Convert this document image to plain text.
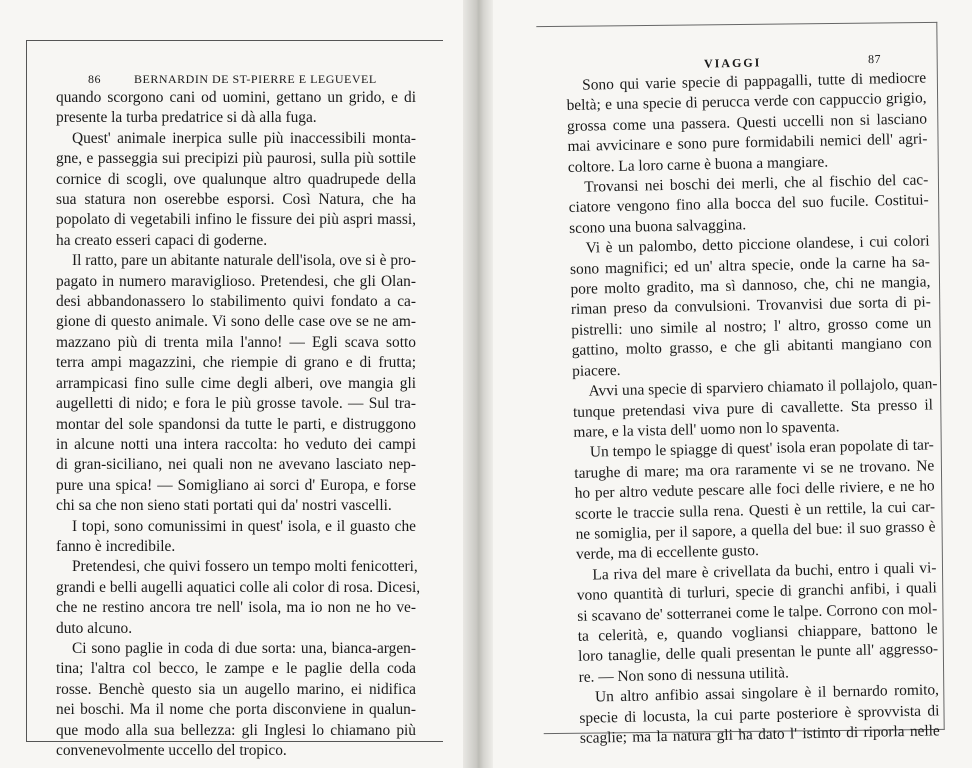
86	BERNARDIN DE ST-PIERRE E LEGUEVEL
VIAGGI	87
quando scorgono cani od uomini, gettano un grido, e di
presente la turba predatrice si dà alla fuga.
Quest' animale inerpica sulle più inaccessibili monta-
gne, e passeggia sui precipizi più paurosi, sulla più sottile
cornice di scogli, ove qualunque altro quadrupede della
sua statura non oserebbe esporsi. Così Natura, che ha
popolato di vegetabili infino le fissure dei più aspri massi,
ha creato esseri capaci di goderne.
Il ratto, pare un abitante naturale dell'isola, ove si è pro-
pagato in numero maraviglioso. Pretendesi, che gli Olan-
desi abbandonassero lo stabilimento quivi fondato a ca-
gione di questo animale. Vi sono delle case ove se ne am-
mazzano più di trenta mila l'anno! — Egli scava sotto
terra ampi magazzini, che riempie di grano e di frutta;
arrampicasi fino sulle cime degli alberi, ove mangia gli
augelletti di nido; e fora le più grosse tavole. — Sul tra-
montar del sole spandonsi da tutte le parti, e distruggono
in alcune notti una intera raccolta: ho veduto dei campi
di gran-siciliano, nei quali non ne avevano lasciato nep-
pure una spica! — Somigliano ai sorci d' Europa, e forse
chi sa che non sieno stati portati qui da' nostri vascelli.
I topi, sono comunissimi in quest' isola, e il guasto che
fanno è incredibile.
Pretendesi, che quivi fossero un tempo molti fenicotteri,
grandi e belli augelli aquatici colle ali color di rosa. Dicesi,
che ne restino ancora tre nell' isola, ma io non ne ho ve-
duto alcuno.
Ci sono paglie in coda di due sorta: una, bianca-argen-
tina; l'altra col becco, le zampe e le paglie della coda
rosse. Benchè questo sia un augello marino, ei nidifica
nei boschi. Ma il nome che porta disconviene in qualun-
que modo alla sua bellezza: gli Inglesi lo chiamano più
convenevolmente uccello del tropico.
Sono qui varie specie di pappagalli, tutte di mediocre
beltà; e una specie di perucca verde con cappuccio grigio,
grossa come una passera. Questi uccelli non si lasciano
mai avvicinare e sono pure formidabili nemici dell' agri-
coltore. La loro carne è buona a mangiare.
Trovansi nei boschi dei merli, che al fischio del cac-
ciatore vengono fino alla bocca del suo fucile. Costitui-
scono una buona salvaggina.
Vi è un palombo, detto piccione olandese, i cui colori
sono magnifici; ed un' altra specie, onde la carne ha sa-
pore molto gradito, ma sì dannoso, che, chi ne mangia,
riman preso da convulsioni. Trovanvisi due sorta di pi-
pistrelli: uno simile al nostro; l' altro, grosso come un
gattino, molto grasso, e che gli abitanti mangiano con
piacere.
Avvi una specie di sparviero chiamato il pollajolo, quan-
tunque pretendasi viva pure di cavallette. Sta presso il
mare, e la vista dell' uomo non lo spaventa.
Un tempo le spiagge di quest' isola eran popolate di tar-
tarughe di mare; ma ora raramente vi se ne trovano. Ne
ho per altro vedute pescare alle foci delle riviere, e ne ho
scorte le traccie sulla rena. Questi è un rettile, la cui car-
ne somiglia, per il sapore, a quella del bue: il suo grasso è
verde, ma di eccellente gusto.
La riva del mare è crivellata da buchi, entro i quali vi-
vono quantità di turluri, specie di granchi anfibi, i quali
si scavano de' sotterranei come le talpe. Corrono con mol-
ta celerità, e, quando vogliansi chiappare, battono le
loro tanaglie, delle quali presentan le punte all' aggresso-
re. — Non sono di nessuna utilità.
Un altro anfibio assai singolare è il bernardo romito,
specie di locusta, la cui parte posteriore è sprovvista di
scaglie; ma la natura gli ha dato l' istinto di riporla nelle
